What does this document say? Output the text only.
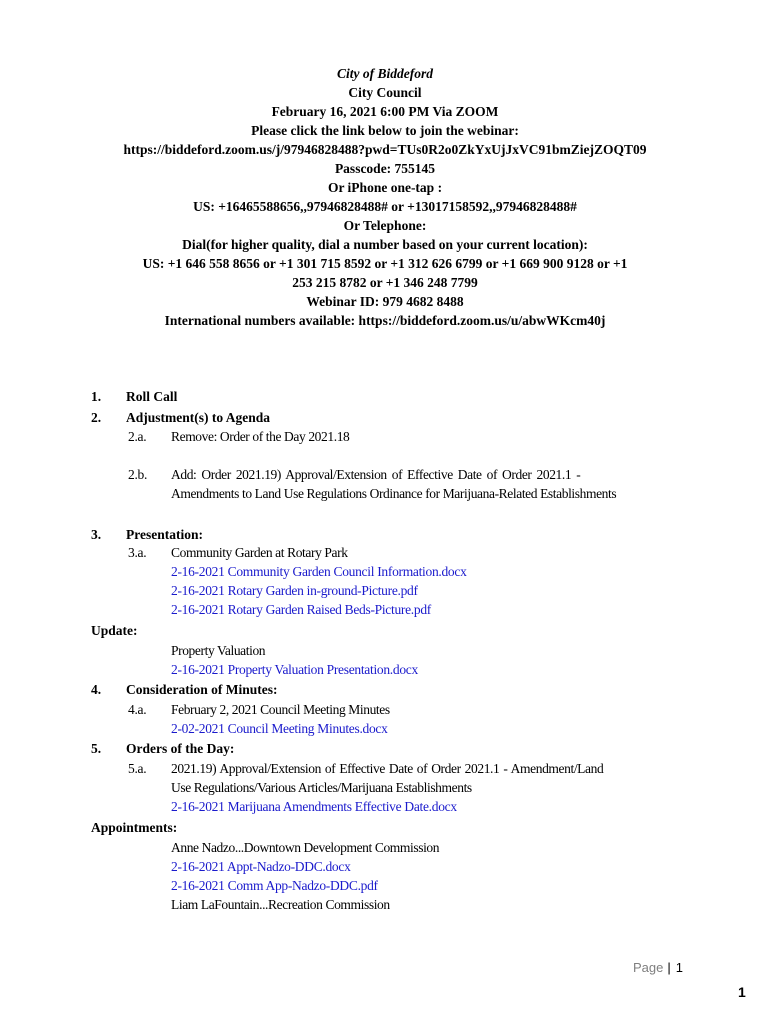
City of Biddeford
City Council
February 16, 2021 6:00 PM Via ZOOM
Please click the link below to join the webinar:
https://biddeford.zoom.us/j/97946828488?pwd=TUs0R2o0ZkYxUjJxVC91bmZiejZOQT09
Passcode: 755145
Or iPhone one-tap :
US: +16465588656,,97946828488# or +13017158592,,97946828488#
Or Telephone:
Dial(for higher quality, dial a number based on your current location):
US: +1 646 558 8656 or +1 301 715 8592 or +1 312 626 6799 or +1 669 900 9128 or +1
253 215 8782 or +1 346 248 7799
Webinar ID: 979 4682 8488
International numbers available: https://biddeford.zoom.us/u/abwWKcm40j
1. Roll Call
2. Adjustment(s) to Agenda
2.a. Remove: Order of the Day 2021.18
2.b. Add: Order 2021.19) Approval/Extension of Effective Date of Order 2021.1 -
Amendments to Land Use Regulations Ordinance for Marijuana-Related Establishments
3. Presentation:
3.a. Community Garden at Rotary Park
2-16-2021 Community Garden Council Information.docx
2-16-2021 Rotary Garden in-ground-Picture.pdf
2-16-2021 Rotary Garden Raised Beds-Picture.pdf
Update:
Property Valuation
2-16-2021 Property Valuation Presentation.docx
4. Consideration of Minutes:
4.a. February 2, 2021 Council Meeting Minutes
2-02-2021 Council Meeting Minutes.docx
5. Orders of the Day:
5.a. 2021.19) Approval/Extension of Effective Date of Order 2021.1 - Amendment/Land
Use Regulations/Various Articles/Marijuana Establishments
2-16-2021 Marijuana Amendments Effective Date.docx
Appointments:
Anne Nadzo...Downtown Development Commission
2-16-2021 Appt-Nadzo-DDC.docx
2-16-2021 Comm App-Nadzo-DDC.pdf
Liam LaFountain...Recreation Commission
Page | 1
1
